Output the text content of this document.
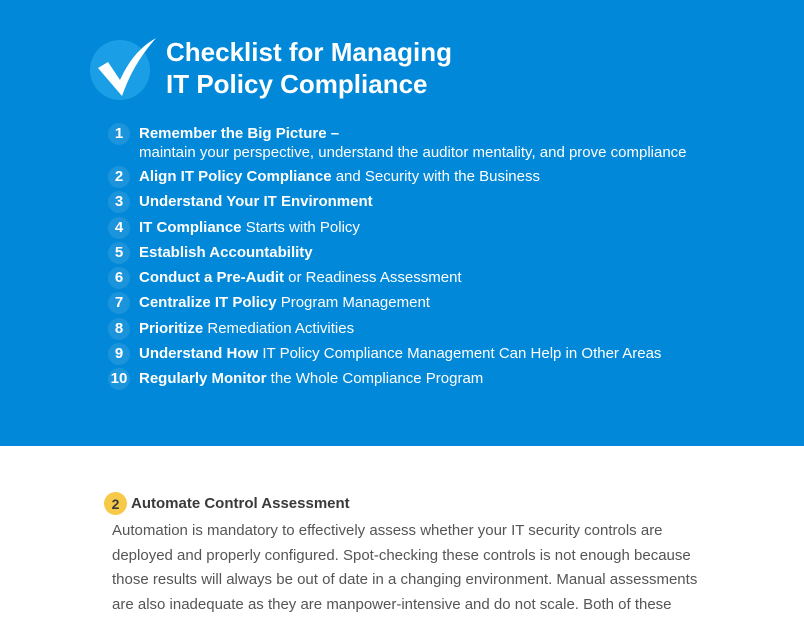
Checklist for Managing
IT Policy Compliance
1	Remember the Big Picture –
maintain your perspective, understand the auditor mentality, and prove compliance
2	Align IT Policy Compliance and Security with the Business
3	Understand Your IT Environment
4	IT Compliance Starts with Policy
5	Establish Accountability
6	Conduct a Pre-Audit or Readiness Assessment
7	Centralize IT Policy Program Management
8	Prioritize Remediation Activities
9	Understand How IT Policy Compliance Management Can Help in Other Areas
10 Regularly Monitor the Whole Compliance Program
2 Automate Control Assessment

Automation is mandatory to effectively assess whether your IT security controls are
deployed and properly configured. Spot-checking these controls is not enough because
those results will always be out of date in a changing environment. Manual assessments
are also inadequate as they are manpower-intensive and do not scale. Both of these
